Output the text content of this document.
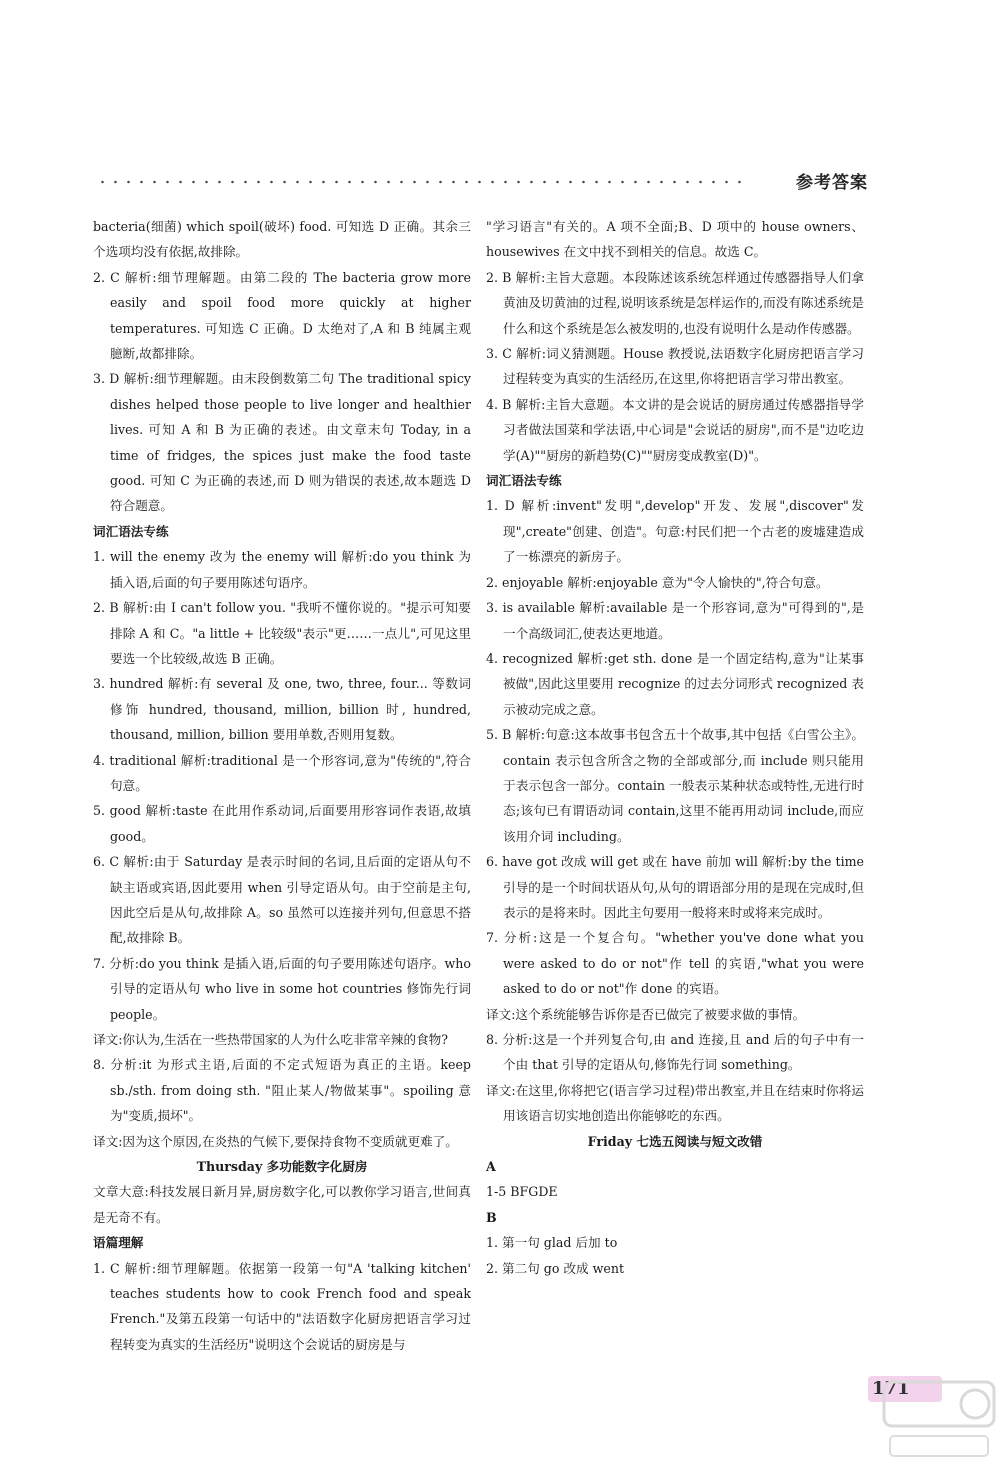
参考答案
bacteria(细菌) which spoil(破坏) food. 可知选 D 正确。其余三个选项均没有依据,故排除。
2. C 解析:细节理解题。由第二段的 The bacteria grow more easily and spoil food more quickly at higher temperatures. 可知选 C 正确。D 太绝对了,A 和 B 纯属主观臆断,故都排除。
3. D 解析:细节理解题。由末段倒数第二句 The traditional spicy dishes helped those people to live longer and healthier lives. 可知 A 和 B 为正确的表述。由文章末句 Today, in a time of fridges, the spices just make the food taste good. 可知 C 为正确的表述,而 D 则为错误的表述,故本题选 D 符合题意。
词汇语法专练
1. will the enemy 改为 the enemy will 解析:do you think 为插入语,后面的句子要用陈述句语序。
2. B 解析:由 I can't follow you. "我听不懂你说的。"提示可知要排除 A 和 C。"a little + 比较级"表示"更……一点儿",可见这里要选一个比较级,故选 B 正确。
3. hundred 解析:有 several 及 one, two, three, four... 等数词修饰 hundred, thousand, million, billion 时, hundred, thousand, million, billion 要用单数,否则用复数。
4. traditional 解析:traditional 是一个形容词,意为"传统的",符合句意。
5. good 解析:taste 在此用作系动词,后面要用形容词作表语,故填 good。
6. C 解析:由于 Saturday 是表示时间的名词,且后面的定语从句不缺主语或宾语,因此要用 when 引导定语从句。由于空前是主句,因此空后是从句,故排除 A。so 虽然可以连接并列句,但意思不搭配,故排除 B。
7. 分析:do you think 是插入语,后面的句子要用陈述句语序。who 引导的定语从句 who live in some hot countries 修饰先行词 people。
译文:你认为,生活在一些热带国家的人为什么吃非常辛辣的食物?
8. 分析:it 为形式主语,后面的不定式短语为真正的主语。keep sb./sth. from doing sth. "阻止某人/物做某事"。spoiling 意为"变质,损坏"。
译文:因为这个原因,在炎热的气候下,要保持食物不变质就更难了。
Thursday 多功能数字化厨房
文章大意:科技发展日新月异,厨房数字化,可以教你学习语言,世间真是无奇不有。
语篇理解
1. C 解析:细节理解题。依据第一段第一句"A 'talking kitchen' teaches students how to cook French food and speak French."及第五段第一句话中的"法语数字化厨房把语言学习过程转变为真实的生活经历"说明这个会说话的厨房是与
"学习语言"有关的。A 项不全面;B、D 项中的 house owners、housewives 在文中找不到相关的信息。故选 C。
2. B 解析:主旨大意题。本段陈述该系统怎样通过传感器指导人们拿黄油及切黄油的过程,说明该系统是怎样运作的,而没有陈述系统是什么和这个系统是怎么被发明的,也没有说明什么是动作传感器。
3. C 解析:词义猜测题。House 教授说,法语数字化厨房把语言学习过程转变为真实的生活经历,在这里,你将把语言学习带出教室。
4. B 解析:主旨大意题。本文讲的是会说话的厨房通过传感器指导学习者做法国菜和学法语,中心词是"会说话的厨房",而不是"边吃边学(A)""厨房的新趋势(C)""厨房变成教室(D)"。
词汇语法专练
1. D 解析:invent"发明",develop"开发、发展",discover"发现",create"创建、创造"。句意:村民们把一个古老的废墟建造成了一栋漂亮的新房子。
2. enjoyable 解析:enjoyable 意为"令人愉快的",符合句意。
3. is available 解析:available 是一个形容词,意为"可得到的",是一个高级词汇,使表达更地道。
4. recognized 解析:get sth. done 是一个固定结构,意为"让某事被做",因此这里要用 recognize 的过去分词形式 recognized 表示被动完成之意。
5. B 解析:句意:这本故事书包含五十个故事,其中包括《白雪公主》。contain 表示包含所含之物的全部或部分,而 include 则只能用于表示包含一部分。contain 一般表示某种状态或特性,无进行时态;该句已有谓语动词 contain,这里不能再用动词 include,而应该用介词 including。
6. have got 改成 will get 或在 have 前加 will 解析:by the time 引导的是一个时间状语从句,从句的谓语部分用的是现在完成时,但表示的是将来时。因此主句要用一般将来时或将来完成时。
7. 分析:这是一个复合句。"whether you've done what you were asked to do or not"作 tell 的宾语,"what you were asked to do or not"作 done 的宾语。
译文:这个系统能够告诉你是否已做完了被要求做的事情。
8. 分析:这是一个并列复合句,由 and 连接,且 and 后的句子中有一个由 that 引导的定语从句,修饰先行词 something。
译文:在这里,你将把它(语言学习过程)带出教室,并且在结束时你将运用该语言切实地创造出你能够吃的东西。
Friday 七选五阅读与短文改错
A
1-5 BFGDE
B
1. 第一句 glad 后加 to
2. 第二句 go 改成 went
171
